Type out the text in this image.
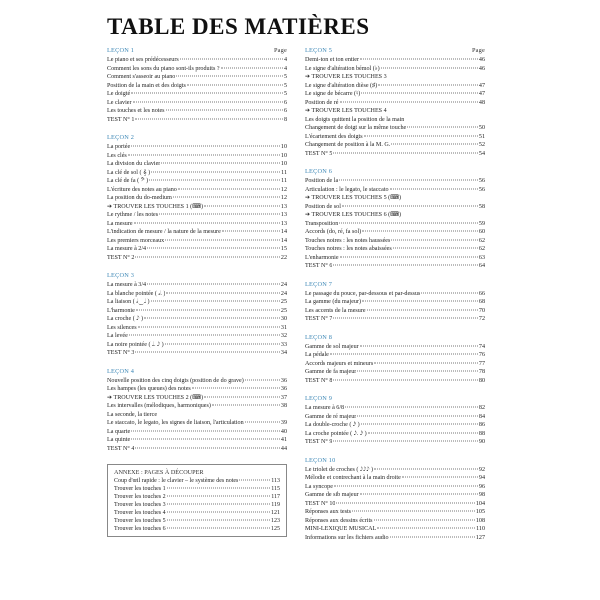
TABLE DES MATIÈRES
LEÇON 1	Page
Le piano et ses prédécesseurs	4
Comment les sons du piano sont-ils produits ?	4
Comment s'asseoir au piano	5
Position de la main et des doigts	5
Le doigté	5
Le clavier	6
Les touches et les notes	6
TEST N° 1	8
LEÇON 2
La portée	10
Les clés	10
La division du clavier	10
La clé de sol ( 𝄞 )	11
La clé de fa ( 𝄢 )	11
L'écriture des notes au piano	12
La position du do-medium	12
➔ TROUVER LES TOUCHES 1 (⌨)	13
Le rythme / les notes	13
La mesure	13
L'indication de mesure / la nature de la mesure	14
Les premiers morceaux	14
La mesure à 2/4	15
TEST N° 2	22
LEÇON 3
La mesure à 3/4	24
La blanche pointée ( 𝅗𝅥. )	24
La liaison ( 𝅗𝅥‿𝅘𝅥 )	25
L'harmonie	25
La croche ( 𝅘𝅥𝅮 )	30
Les silences	31
La levée	32
La noire pointée ( 𝅘𝅥. 𝅘𝅥𝅮 )	33
TEST N° 3	34
LEÇON 4
Nouvelle position des cinq doigts (position de do grave)	36
Les hampes (les queues) des notes	36
➔ TROUVER LES TOUCHES 2 (⌨)	37
Les intervalles (mélodiques, harmoniques)	38
La seconde, la tierce
Le staccato, le legato, les signes de liaison, l'articulation	39
La quarte	40
La quinte	41
TEST N° 4	44
LEÇON 5	Page
Demi-ton et ton entier	46
Le signe d'altération bémol (♭)	46
➔ TROUVER LES TOUCHES 3
Le signe d'altération dièse (♯)	47
Le signe de bécarre (♮)	47
Position de ré	48
➔ TROUVER LES TOUCHES 4
Les doigts quittent la position de la main
Changement de doigt sur la même touche	50
L'écartement des doigts	51
Changement de position à la M. G.	52
TEST N° 5	54
LEÇON 6
Position de la	56
Articulation : le legato, le staccato	56
➔ TROUVER LES TOUCHES 5 (⌨)
Position de sol	58
➔ TROUVER LES TOUCHES 6 (⌨)
Transposition	59
Accords (do, ré, fa sol)	60
Touches noires : les notes haussées	62
Touches noires : les notes abaissées	62
L'enharmonie	63
TEST N° 6	64
LEÇON 7
Le passage du pouce, par-dessous et par-dessus	66
La gamme (du majeur)	68
Les accents de la mesure	70
TEST N° 7	72
LEÇON 8
Gamme de sol majeur	74
La pédale	76
Accords majeurs et mineurs	77
Gamme de fa majeur	78
TEST N° 8	80
LEÇON 9
La mesure à 6/8	82
Gamme de ré majeur	84
La double-croche ( 𝅘𝅥𝅯 )	86
La croche pointée ( 𝅘𝅥𝅮. 𝅘𝅥𝅯 )	88
TEST N° 9	90
LEÇON 10
Le triolet de croches ( 𝅘𝅥𝅮𝅘𝅥𝅮𝅘𝅥𝅮 )	92
Mélodie et contrechant à la main droite	94
La syncope	96
Gamme de sib majeur	98
TEST N° 10	104
Réponses aux tests	105
Réponses aux dessins écrits	108
MINI-LEXIQUE MUSICAL	110
Informations sur les fichiers audio	127
ANNEXE : PAGES À DÉCOUPER
Coup d'œil rapide : le clavier – le système des notes	113
Trouver les touches 1	115
Trouver les touches 2	117
Trouver les touches 3	119
Trouver les touches 4	121
Trouver les touches 5	123
Trouver les touches 6	125
